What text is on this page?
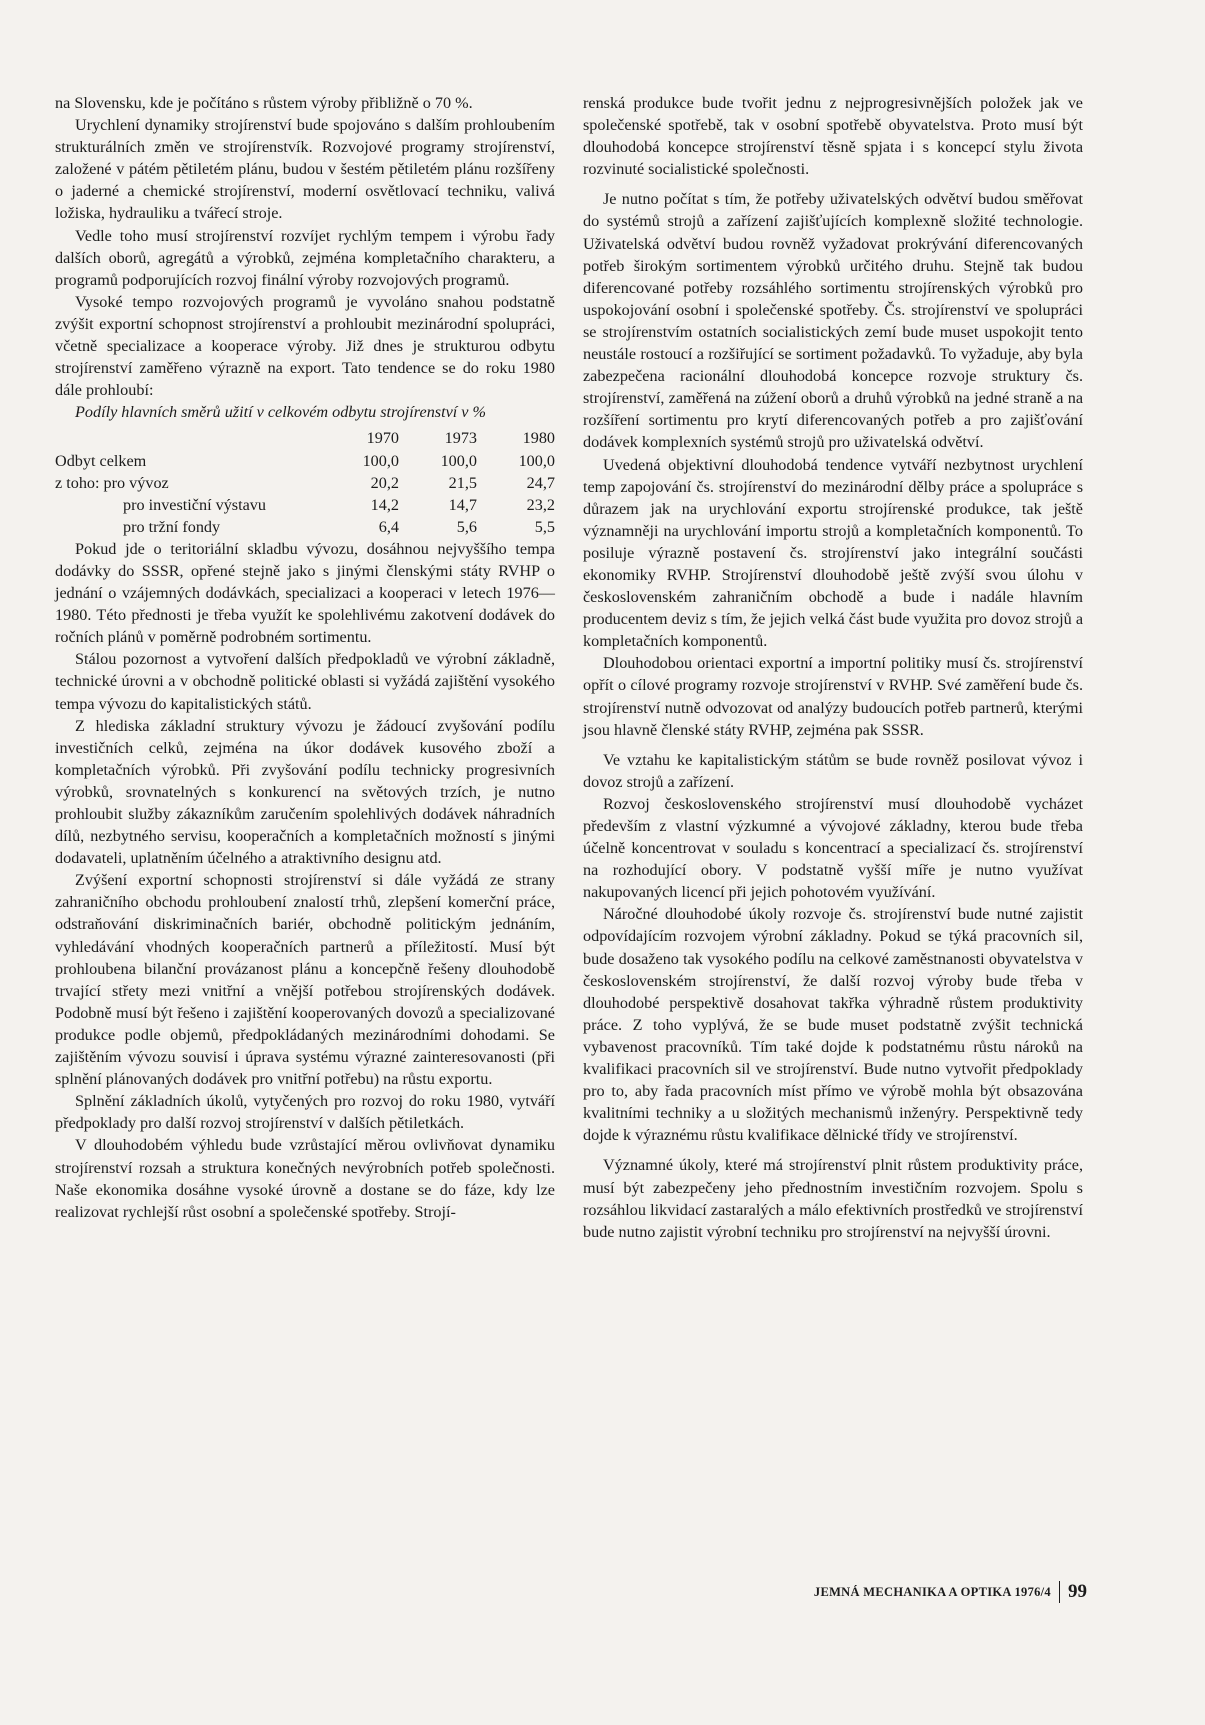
na Slovensku, kde je počítáno s růstem výroby přibližně o 70 %.

Urychlení dynamiky strojírenství bude spojováno s dalším prohloubením strukturálních změn ve strojírenstvík. Rozvojové programy strojírenství, založené v pátém pětiletém plánu, budou v šestém pětiletém plánu rozšířeny o jaderné a chemické strojírenství, moderní osvětlovací techniku, valivá ložiska, hydrauliku a tvářecí stroje.

Vedle toho musí strojírenství rozvíjet rychlým tempem i výrobu řady dalších oborů, agregátů a výrobků, zejména kompletačního charakteru, a programů podporujících rozvoj finální výroby rozvojových programů.

Vysoké tempo rozvojových programů je vyvoláno snahou podstatně zvýšit exportní schopnost strojírenství a prohloubit mezinárodní spolupráci, včetně specializace a kooperace výroby. Již dnes je strukturou odbytu strojírenství zaměřeno výrazně na export. Tato tendence se do roku 1980 dále prohloubí:

Podíly hlavních směrů užití v celkovém odbytu strojírenství v %

	1970	1973	1980
Odbyt celkem	100,0	100,0	100,0
z toho: pro vývoz	20,2	21,5	24,7
pro investiční výstavu	14,2	14,7	23,2
pro tržní fondy	6,4	5,6	5,5

Pokud jde o teritoriální skladbu vývozu, dosáhnou nejvyššího tempa dodávky do SSSR, opřené stejně jako s jinými členskými státy RVHP o jednání o vzájemných dodávkách, specializaci a kooperaci v letech 1976—1980. Této přednosti je třeba využít ke spolehlivému zakotvení dodávek do ročních plánů v poměrně podrobném sortimentu.

Stálou pozornost a vytvoření dalších předpokladů ve výrobní základně, technické úrovni a v obchodně politické oblasti si vyžádá zajištění vysokého tempa vývozu do kapitalistických států.

Z hlediska základní struktury vývozu je žádoucí zvyšování podílu investičních celků, zejména na úkor dodávek kusového zboží a kompletačních výrobků. Při zvyšování podílu technicky progresivních výrobků, srovnatelných s konkurencí na světových trzích, je nutno prohloubit služby zákazníkům zaručením spolehlivých dodávek náhradních dílů, nezbytného servisu, kooperačních a kompletačních možností s jinými dodavateli, uplatněním účelného a atraktivního designu atd.

Zvýšení exportní schopnosti strojírenství si dále vyžádá ze strany zahraničního obchodu prohloubení znalostí trhů, zlepšení komerční práce, odstraňování diskriminačních bariér, obchodně politickým jednáním, vyhledávání vhodných kooperačních partnerů a příležitostí. Musí být prohloubena bilanční provázanost plánu a koncepčně řešeny dlouhodobě trvající střety mezi vnitřní a vnější potřebou strojírenských dodávek. Podobně musí být řešeno i zajištění kooperovaných dovozů a specializované produkce podle objemů, předpokládaných mezinárodními dohodami. Se zajištěním vývozu souvisí i úprava systému výrazné zainteresovanosti (při splnění plánovaných dodávek pro vnitřní potřebu) na růstu exportu.

Splnění základních úkolů, vytyčených pro rozvoj do roku 1980, vytváří předpoklady pro další rozvoj strojírenství v dalších pětiletkách.

V dlouhodobém výhledu bude vzrůstající měrou ovlivňovat dynamiku strojírenství rozsah a struktura konečných nevýrobních potřeb společnosti. Naše ekonomika dosáhne vysoké úrovně a dostane se do fáze, kdy lze realizovat rychlejší růst osobní a společenské spotřeby. Strojí-

renská produkce bude tvořit jednu z nejprogresivnějších položek jak ve společenské spotřebě, tak v osobní spotřebě obyvatelstva. Proto musí být dlouhodobá koncepce strojírenství těsně spjata i s koncepcí stylu života rozvinuté socialistické společnosti.

Je nutno počítat s tím, že potřeby uživatelských odvětví budou směřovat do systémů strojů a zařízení zajišťujících komplexně složité technologie. Uživatelská odvětví budou rovněž vyžadovat prokrývání diferencovaných potřeb širokým sortimentem výrobků určitého druhu. Stejně tak budou diferencované potřeby rozsáhlého sortimentu strojírenských výrobků pro uspokojování osobní i společenské spotřeby. Čs. strojírenství ve spolupráci se strojírenstvím ostatních socialistických zemí bude muset uspokojit tento neustále rostoucí a rozšiřující se sortiment požadavků. To vyžaduje, aby byla zabezpečena racionální dlouhodobá koncepce rozvoje struktury čs. strojírenství, zaměřená na zúžení oborů a druhů výrobků na jedné straně a na rozšíření sortimentu pro krytí diferencovaných potřeb a pro zajišťování dodávek komplexních systémů strojů pro uživatelská odvětví.

Uvedená objektivní dlouhodobá tendence vytváří nezbytnost urychlení temp zapojování čs. strojírenství do mezinárodní dělby práce a spolupráce s důrazem jak na urychlování exportu strojírenské produkce, tak ještě významněji na urychlování importu strojů a kompletačních komponentů. To posiluje výrazně postavení čs. strojírenství jako integrální součásti ekonomiky RVHP. Strojírenství dlouhodobě ještě zvýší svou úlohu v československém zahraničním obchodě a bude i nadále hlavním producentem deviz s tím, že jejich velká část bude využita pro dovoz strojů a kompletačních komponentů.

Dlouhodobou orientaci exportní a importní politiky musí čs. strojírenství opřít o cílové programy rozvoje strojírenství v RVHP. Své zaměření bude čs. strojírenství nutně odvozovat od analýzy budoucích potřeb partnerů, kterými jsou hlavně členské státy RVHP, zejména pak SSSR.

Ve vztahu ke kapitalistickým státům se bude rovněž posilovat vývoz i dovoz strojů a zařízení.

Rozvoj československého strojírenství musí dlouhodobě vycházet především z vlastní výzkumné a vývojové základny, kterou bude třeba účelně koncentrovat v souladu s koncentrací a specializací čs. strojírenství na rozhodující obory. V podstatně vyšší míře je nutno využívat nakupovaných licencí při jejich pohotovém využívání.

Náročné dlouhodobé úkoly rozvoje čs. strojírenství bude nutné zajistit odpovídajícím rozvojem výrobní základny. Pokud se týká pracovních sil, bude dosaženo tak vysokého podílu na celkové zaměstnanosti obyvatelstva v československém strojírenství, že další rozvoj výroby bude třeba v dlouhodobé perspektivě dosahovat takřka výhradně růstem produktivity práce. Z toho vyplývá, že se bude muset podstatně zvýšit technická vybavenost pracovníků. Tím také dojde k podstatnému růstu nároků na kvalifikaci pracovních sil ve strojírenství. Bude nutno vytvořit předpoklady pro to, aby řada pracovních míst přímo ve výrobě mohla být obsazována kvalitními techniky a u složitých mechanismů inženýry. Perspektivně tedy dojde k výraznému růstu kvalifikace dělnické třídy ve strojírenství.

Významné úkoly, které má strojírenství plnit růstem produktivity práce, musí být zabezpečeny jeho přednostním investičním rozvojem. Spolu s rozsáhlou likvidací zastaralých a málo efektivních prostředků ve strojírenství bude nutno zajistit výrobní techniku pro strojírenství na nejvyšší úrovni.

JEMNÁ MECHANIKA A OPTIKA 1976/4 99
